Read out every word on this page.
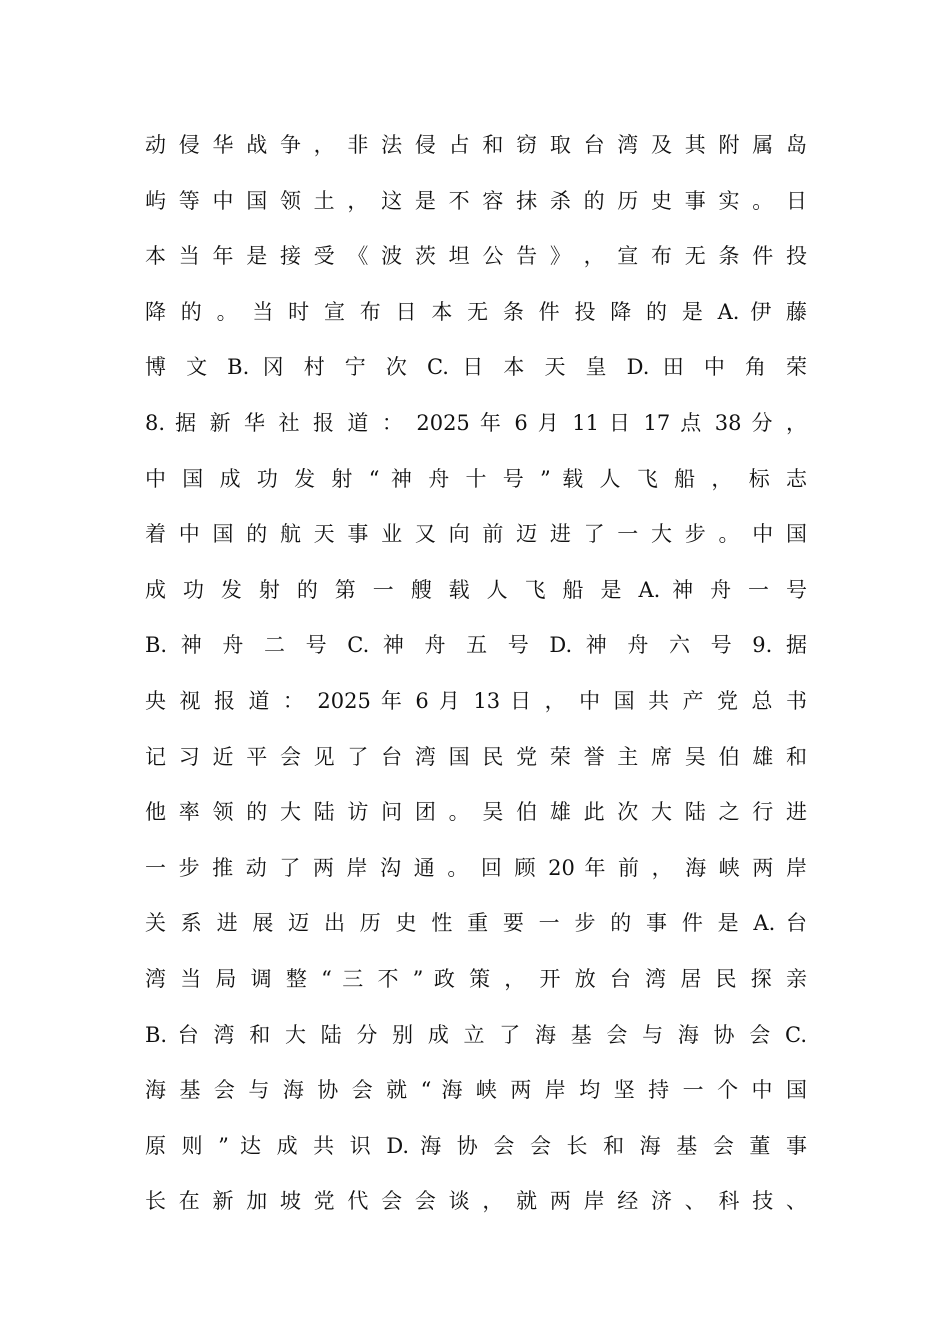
动 侵 华 战 争 ， 非 法 侵 占 和 窃 取 台 湾 及 其 附 属 岛
屿 等 中 国 领 土 ， 这 是 不 容 抹 杀 的 历 史 事 实 。 日
本 当 年 是 接 受 《 波 茨 坦 公 告 》 ， 宣 布 无 条 件 投
降 的 。 当 时 宣 布 日 本 无 条 件 投 降 的 是 A. 伊 藤
博 文 B. 冈 村 宁 次 C. 日 本 天 皇 D. 田 中 角 荣
8. 据 新 华 社 报 道 ： 2025 年 6 月 11 日 17 点 38 分 ，
中 国 成 功 发 射 “ 神 舟 十 号 ” 载 人 飞 船 ， 标 志
着 中 国 的 航 天 事 业 又 向 前 迈 进 了 一 大 步 。 中 国
成 功 发 射 的 第 一 艘 载 人 飞 船 是 A. 神 舟 一 号
B. 神 舟 二 号 C. 神 舟 五 号 D. 神 舟 六 号 9. 据
央 视 报 道 ： 2025 年 6 月 13 日 ， 中 国 共 产 党 总 书
记 习 近 平 会 见 了 台 湾 国 民 党 荣 誉 主 席 吴 伯 雄 和
他 率 领 的 大 陆 访 问 团 。 吴 伯 雄 此 次 大 陆 之 行 进
一 步 推 动 了 两 岸 沟 通 。 回 顾 20 年 前 ， 海 峡 两 岸
关 系 进 展 迈 出 历 史 性 重 要 一 步 的 事 件 是 A. 台
湾 当 局 调 整 “ 三 不 ” 政 策 ， 开 放 台 湾 居 民 探 亲
B. 台 湾 和 大 陆 分 别 成 立 了 海 基 会 与 海 协 会 C.
海 基 会 与 海 协 会 就 “ 海 峡 两 岸 均 坚 持 一 个 中 国
原 则 ” 达 成 共 识 D. 海 协 会 会 长 和 海 基 会 董 事
长 在 新 加 坡 党 代 会 会 谈 ， 就 两 岸 经 济 、 科 技 、
